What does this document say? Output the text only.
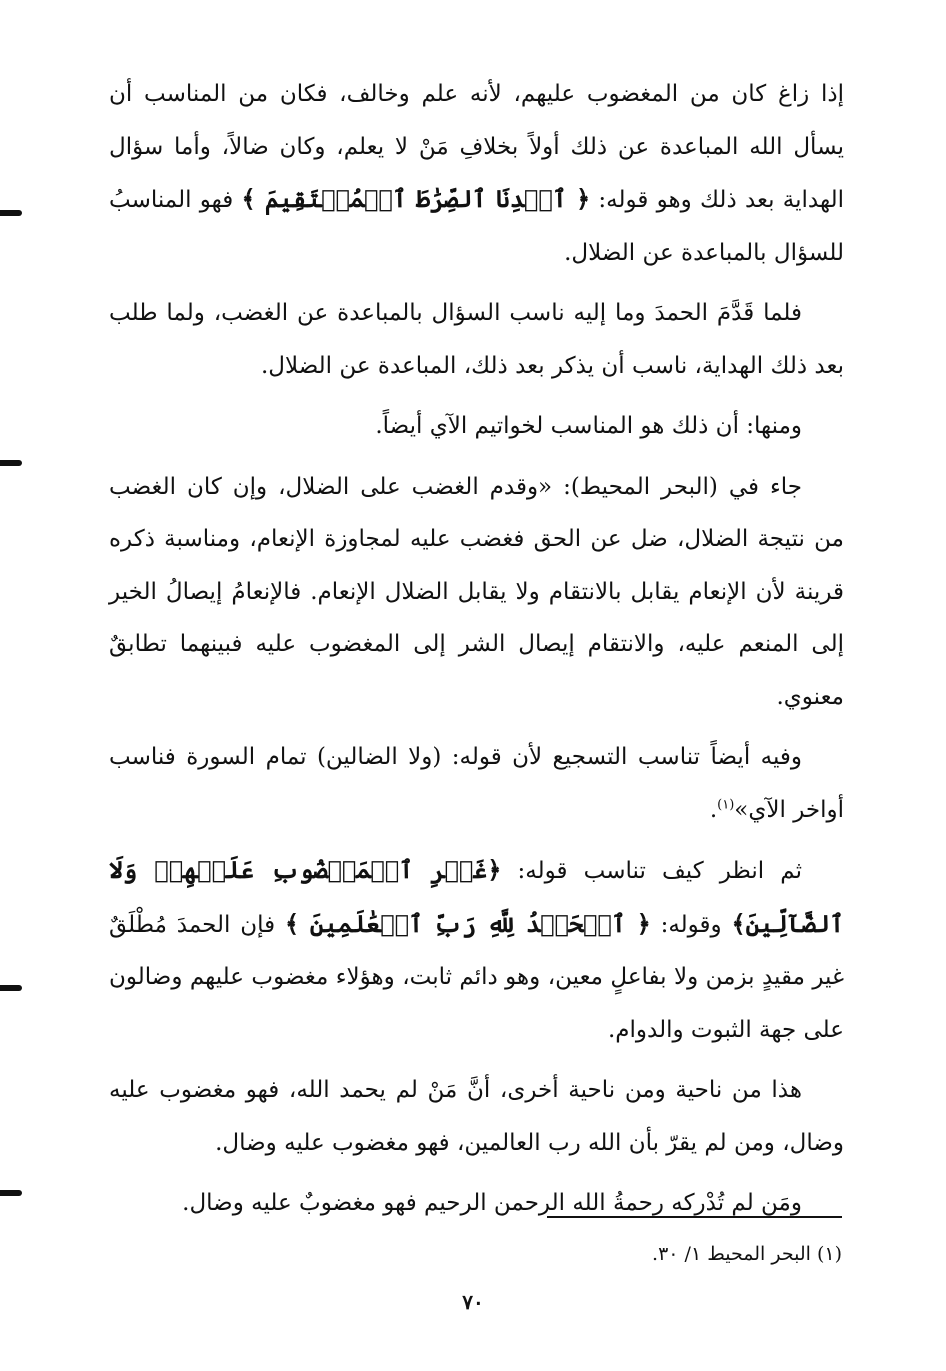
إذا زاغ كان من المغضوب عليهم، لأنه علم وخالف، فكان من المناسب أن يسأل الله المباعدة عن ذلك أولاً بخلافِ مَنْ لا يعلم، وكان ضالاً، وأما سؤال الهداية بعد ذلك وهو قوله: ﴿ ٱهۡدِنَا ٱلصِّرَٰطَ ٱلۡمُسۡتَقِيمَ ﴾ فهو المناسبُ للسؤال بالمباعدة عن الضلال.

فلما قَدَّمَ الحمدَ وما إليه ناسب السؤال بالمباعدة عن الغضب، ولما طلب بعد ذلك الهداية، ناسب أن يذكر بعد ذلك، المباعدة عن الضلال.

ومنها: أن ذلك هو المناسب لخواتيم الآي أيضاً.

جاء في (البحر المحيط): «وقدم الغضب على الضلال، وإن كان الغضب من نتيجة الضلال، ضل عن الحق فغضب عليه لمجاوزة الإنعام، ومناسبة ذكره قرينة لأن الإنعام يقابل بالانتقام ولا يقابل الضلال الإنعام. فالإنعامُ إيصالُ الخير إلى المنعم عليه، والانتقام إيصال الشر إلى المغضوب عليه فبينهما تطابقٌ معنوي.

وفيه أيضاً تناسب التسجيع لأن قوله: (ولا الضالين) تمام السورة فناسب أواخر الآي»$^{(١)}$.

ثم انظر كيف تناسب قوله: ﴿غَيۡرِ ٱلۡمَغۡضُوبِ عَلَيۡهِمۡ وَلَا ٱلضَّآلِّينَ﴾ وقوله: ﴿ ٱلۡحَمۡدُ لِلَّهِ رَبِّ ٱلۡعَٰلَمِينَ ﴾ فإن الحمدَ مُطْلَقٌ غير مقيدٍ بزمن ولا بفاعلٍ معين، وهو دائم ثابت، وهؤلاء مغضوب عليهم وضالون على جهة الثبوت والدوام.

هذا من ناحية ومن ناحية أخرى، أنَّ مَنْ لم يحمد الله، فهو مغضوب عليه وضال، ومن لم يقرّ بأن الله رب العالمين، فهو مغضوب عليه وضال.

ومَن لم تُدْركه رحمةُ الله الرحمن الرحيم فهو مغضوبٌ عليه وضال.

(١) البحر المحيط ١/ ٣٠.
٧٠
